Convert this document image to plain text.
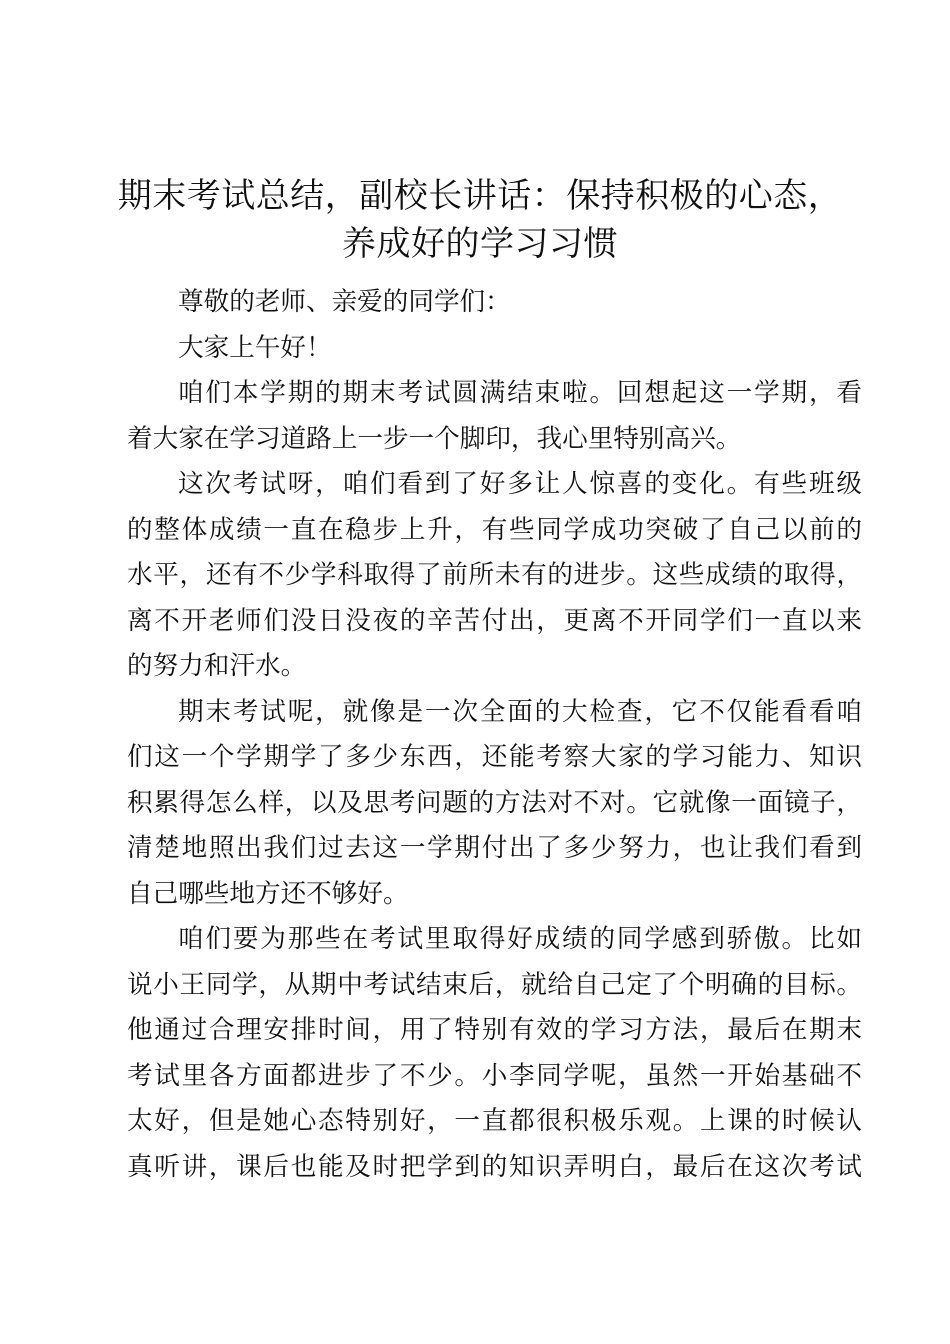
期末考试总结，副校长讲话：保持积极的心态，
养成好的学习习惯

尊敬的老师、亲爱的同学们：

大家上午好！

咱们本学期的期末考试圆满结束啦。回想起这一学期，看
着大家在学习道路上一步一个脚印，我心里特别高兴。

这次考试呀，咱们看到了好多让人惊喜的变化。有些班级
的整体成绩一直在稳步上升，有些同学成功突破了自己以前的
水平，还有不少学科取得了前所未有的进步。这些成绩的取得，
离不开老师们没日没夜的辛苦付出，更离不开同学们一直以来
的努力和汗水。

期末考试呢，就像是一次全面的大检查，它不仅能看看咱
们这一个学期学了多少东西，还能考察大家的学习能力、知识
积累得怎么样，以及思考问题的方法对不对。它就像一面镜子，
清楚地照出我们过去这一学期付出了多少努力，也让我们看到
自己哪些地方还不够好。

咱们要为那些在考试里取得好成绩的同学感到骄傲。比如
说小王同学，从期中考试结束后，就给自己定了个明确的目标。
他通过合理安排时间，用了特别有效的学习方法，最后在期末
考试里各方面都进步了不少。小李同学呢，虽然一开始基础不
太好，但是她心态特别好，一直都很积极乐观。上课的时候认
真听讲，课后也能及时把学到的知识弄明白，最后在这次考试
